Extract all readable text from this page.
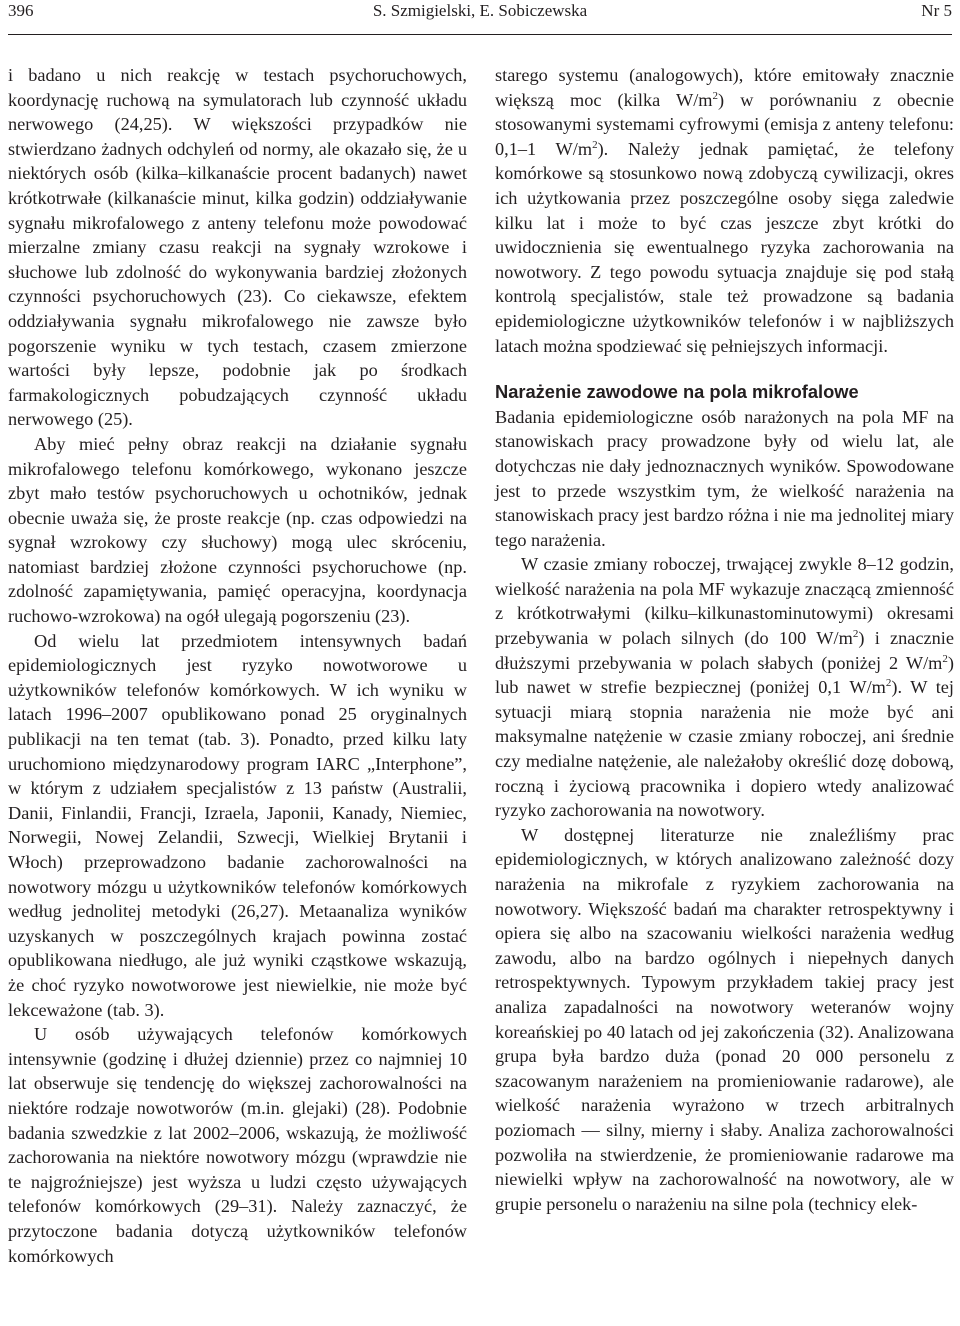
396	S. Szmigielski, E. Sobiczewska	Nr 5

i badano u nich reakcję w testach psychoruchowych, koordynację ruchową na symulatorach lub czynność układu nerwowego (24,25). W większości przypadków nie stwierdzano żadnych odchyleń od normy, ale okazało się, że u niektórych osób (kilka–kilkanaście procent badanych) nawet krótkotrwałe (kilkanaście minut, kilka godzin) oddziaływanie sygnału mikrofalowego z anteny telefonu może powodować mierzalne zmiany czasu reakcji na sygnały wzrokowe i słuchowe lub zdolność do wykonywania bardziej złożonych czynności psychoruchowych (23). Co ciekawsze, efektem oddziaływania sygnału mikrofalowego nie zawsze było pogorszenie wyniku w tych testach, czasem zmierzone wartości były lepsze, podobnie jak po środkach farmakologicznych pobudzających czynność układu nerwowego (25).

Aby mieć pełny obraz reakcji na działanie sygnału mikrofalowego telefonu komórkowego, wykonano jeszcze zbyt mało testów psychoruchowych u ochotników, jednak obecnie uważa się, że proste reakcje (np. czas odpowiedzi na sygnał wzrokowy czy słuchowy) mogą ulec skróceniu, natomiast bardziej złożone czynności psychoruchowe (np. zdolność zapamiętywania, pamięć operacyjna, koordynacja ruchowo-wzrokowa) na ogół ulegają pogorszeniu (23).

Od wielu lat przedmiotem intensywnych badań epidemiologicznych jest ryzyko nowotworowe u użytkowników telefonów komórkowych. W ich wyniku w latach 1996–2007 opublikowano ponad 25 oryginalnych publikacji na ten temat (tab. 3). Ponadto, przed kilku laty uruchomiono międzynarodowy program IARC „Interphone”, w którym z udziałem specjalistów z 13 państw (Australii, Danii, Finlandii, Francji, Izraela, Japonii, Kanady, Niemiec, Norwegii, Nowej Zelandii, Szwecji, Wielkiej Brytanii i Włoch) przeprowadzono badanie zachorowalności na nowotwory mózgu u użytkowników telefonów komórkowych według jednolitej metodyki (26,27). Metaanaliza wyników uzyskanych w poszczególnych krajach powinna zostać opublikowana niedługo, ale już wyniki cząstkowe wskazują, że choć ryzyko nowotworowe jest niewielkie, nie może być lekceważone (tab. 3).

U osób używających telefonów komórkowych intensywnie (godzinę i dłużej dziennie) przez co najmniej 10 lat obserwuje się tendencję do większej zachorowalności na niektóre rodzaje nowotworów (m.in. glejaki) (28). Podobnie badania szwedzkie z lat 2002–2006, wskazują, że możliwość zachorowania na niektóre nowotwory mózgu (wprawdzie nie te najgroźniejsze) jest wyższa u ludzi często używających telefonów komórkowych (29–31). Należy zaznaczyć, że przytoczone badania dotyczą użytkowników telefonów komórkowych

starego systemu (analogowych), które emitowały znacznie większą moc (kilka $W/m^2$) w porównaniu z obecnie stosowanymi systemami cyfrowymi (emisja z anteny telefonu: 0,1–1 $W/m^2$). Należy jednak pamiętać, że telefony komórkowe są stosunkowo nową zdobyczą cywilizacji, okres ich użytkowania przez poszczególne osoby sięga zaledwie kilku lat i może to być czas jeszcze zbyt krótki do uwidocznienia się ewentualnego ryzyka zachorowania na nowotwory. Z tego powodu sytuacja znajduje się pod stałą kontrolą specjalistów, stale też prowadzone są badania epidemiologiczne użytkowników telefonów i w najbliższych latach można spodziewać się pełniejszych informacji.

Narażenie zawodowe na pola mikrofalowe

Badania epidemiologiczne osób narażonych na pola MF na stanowiskach pracy prowadzone były od wielu lat, ale dotychczas nie dały jednoznacznych wyników. Spowodowane jest to przede wszystkim tym, że wielkość narażenia na stanowiskach pracy jest bardzo różna i nie ma jednolitej miary tego narażenia.

W czasie zmiany roboczej, trwającej zwykle 8–12 godzin, wielkość narażenia na pola MF wykazuje znaczącą zmienność z krótkotrwałymi (kilku–kilkunastominutowymi) okresami przebywania w polach silnych (do 100 $W/m^2$) i znacznie dłuższymi przebywania w polach słabych (poniżej 2 $W/m^2$) lub nawet w strefie bezpiecznej (poniżej 0,1 $W/m^2$). W tej sytuacji miarą stopnia narażenia nie może być ani maksymalne natężenie w czasie zmiany roboczej, ani średnie czy medialne natężenie, ale należałoby określić dozę dobową, roczną i życiową pracownika i dopiero wtedy analizować ryzyko zachorowania na nowotwory.

W dostępnej literaturze nie znaleźliśmy prac epidemiologicznych, w których analizowano zależność dozy narażenia na mikrofale z ryzykiem zachorowania na nowotwory. Większość badań ma charakter retrospektywny i opiera się albo na szacowaniu wielkości narażenia według zawodu, albo na bardzo ogólnych i niepełnych danych retrospektywnych. Typowym przykładem takiej pracy jest analiza zapadalności na nowotwory weteranów wojny koreańskiej po 40 latach od jej zakończenia (32). Analizowana grupa była bardzo duża (ponad 20 000 personelu z szacowanym narażeniem na promieniowanie radarowe), ale wielkość narażenia wyrażono w trzech arbitralnych poziomach — silny, mierny i słaby. Analiza zachorowalności pozwoliła na stwierdzenie, że promieniowanie radarowe ma niewielki wpływ na zachorowalność na nowotwory, ale w grupie personelu o narażeniu na silne pola (technicy elek-
